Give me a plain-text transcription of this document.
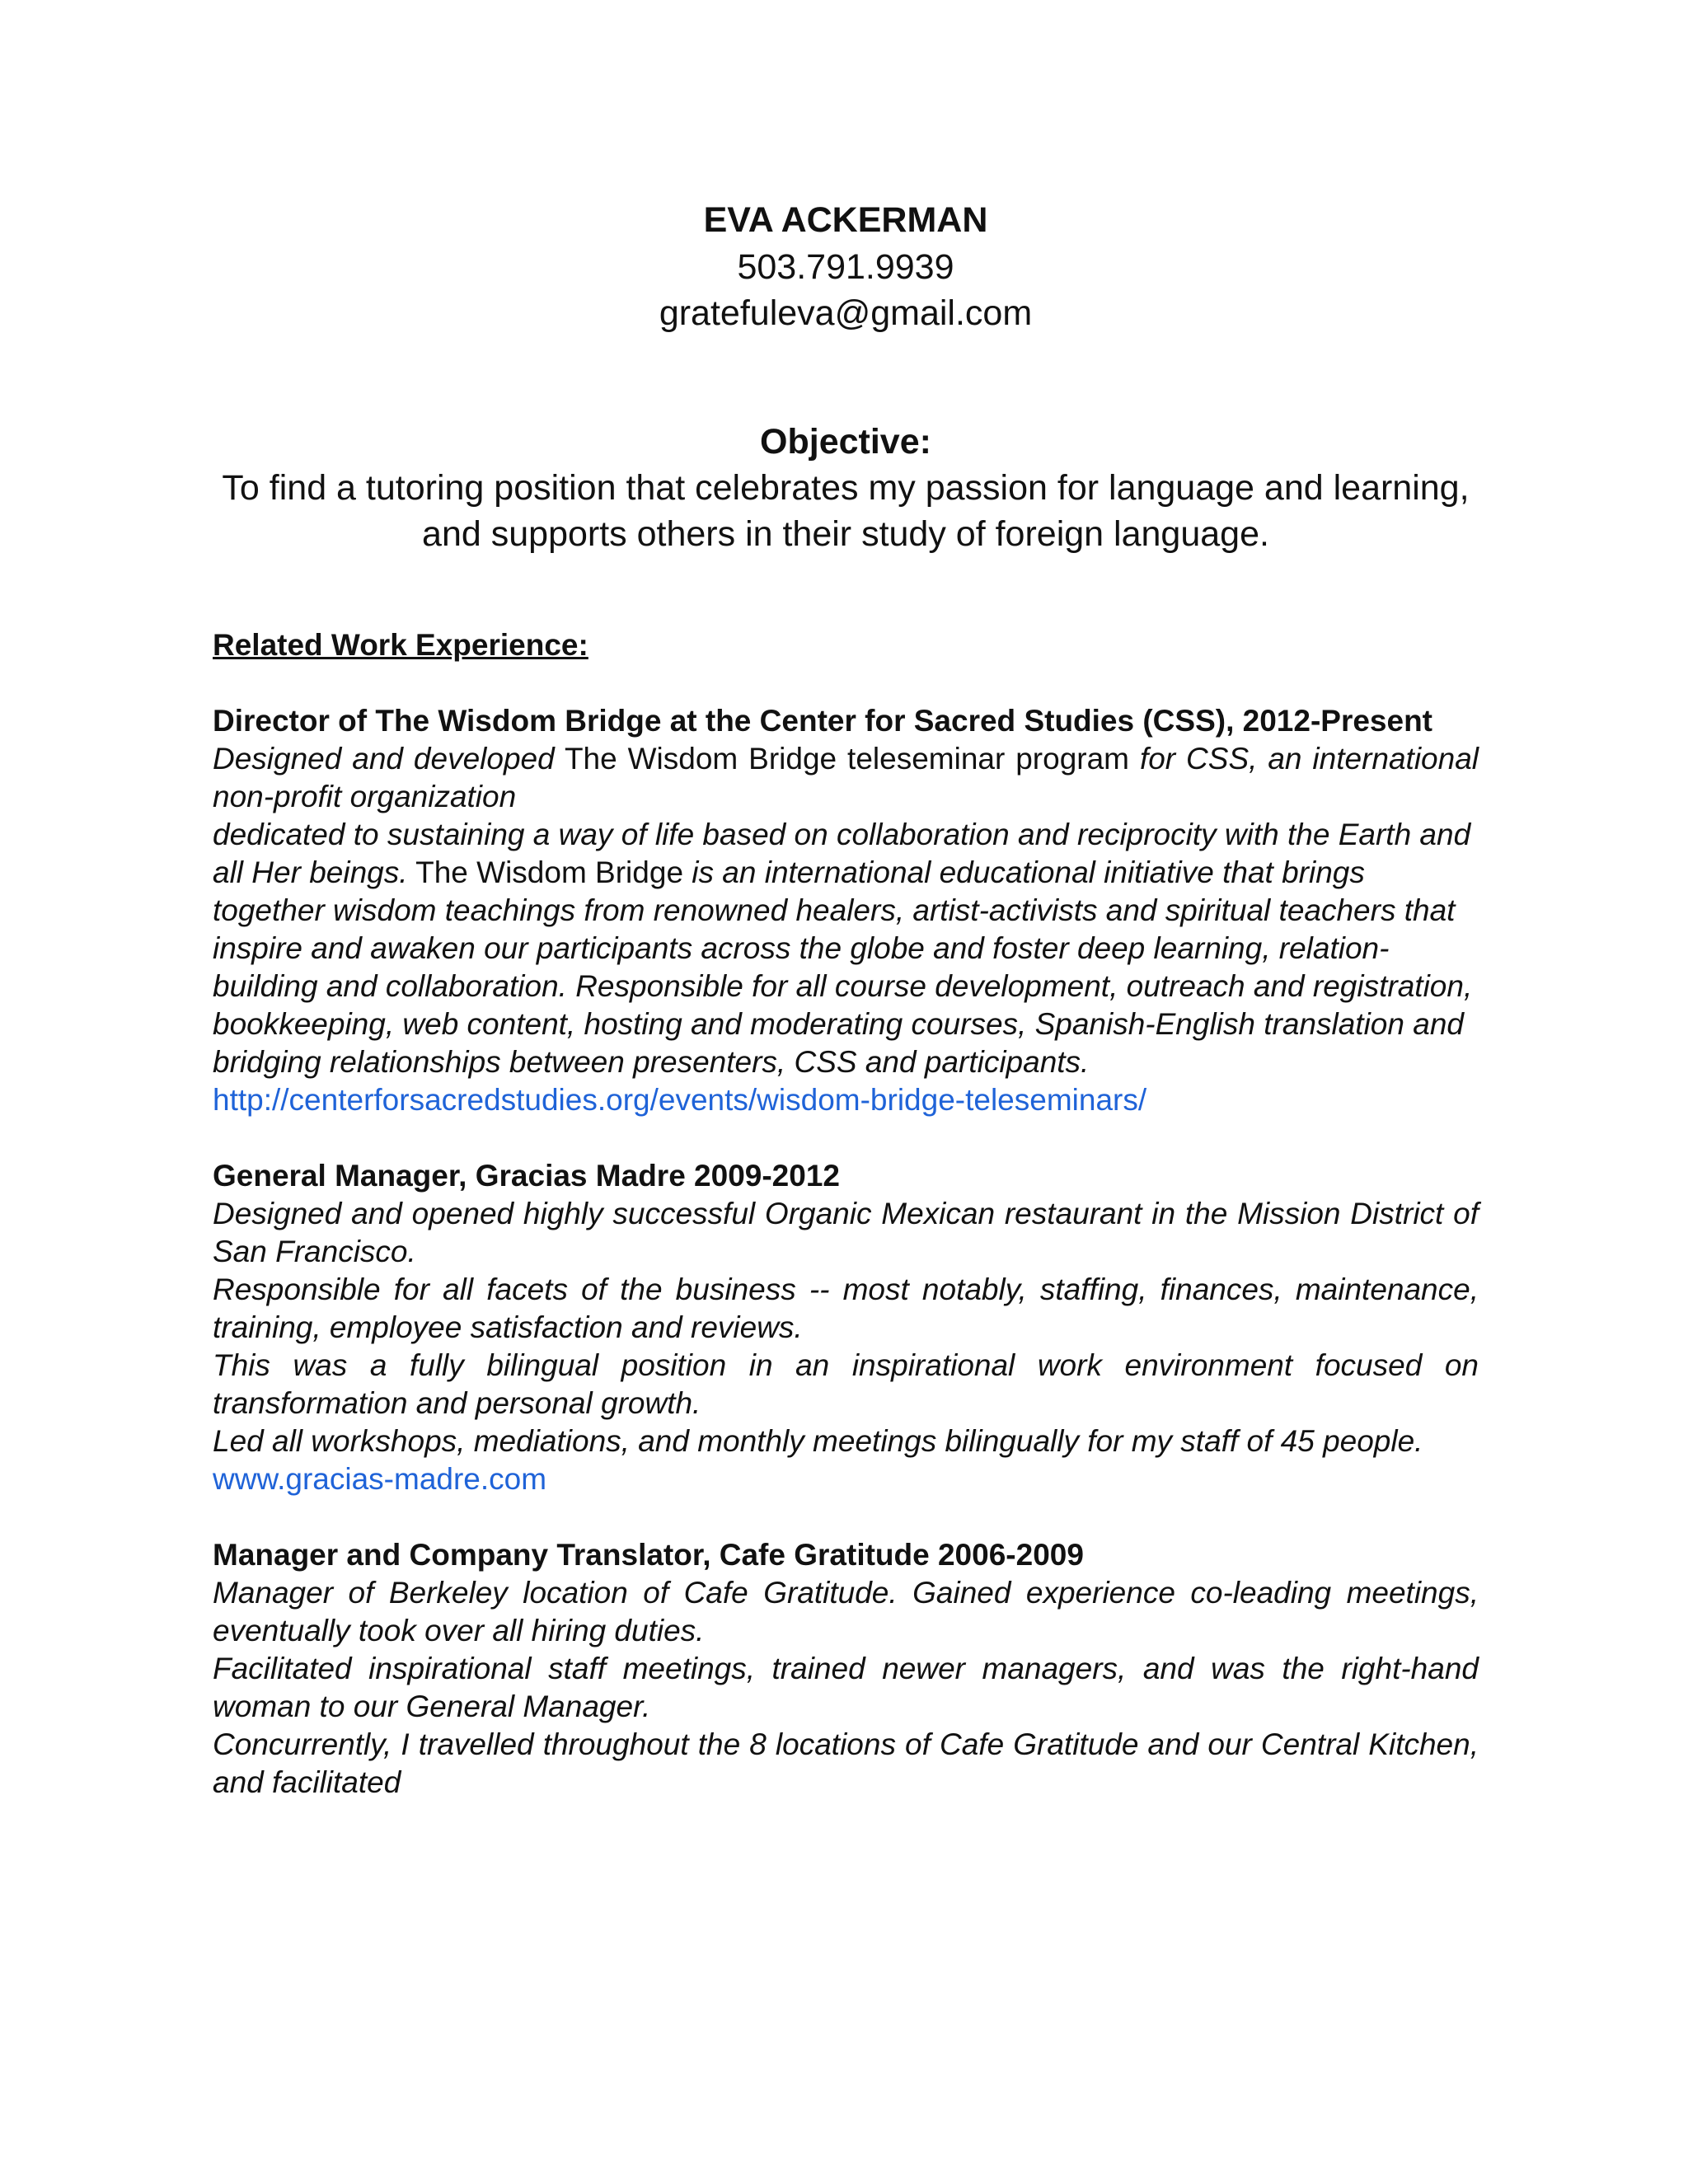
EVA ACKERMAN

503.791.9939

gratefuleva@gmail.com

Objective:

To find a tutoring position that celebrates my passion for language and learning,

and supports others in their study of foreign language.

Related Work Experience:

Director of The Wisdom Bridge at the Center for Sacred Studies (CSS), 2012-Present

Designed and developed The Wisdom Bridge teleseminar program for CSS, an international non-profit organization

dedicated to sustaining a way of life based on collaboration and reciprocity with the Earth and all Her beings. The Wisdom Bridge is an international educational initiative that brings together wisdom teachings from renowned healers, artist-activists and spiritual teachers that inspire and awaken our participants across the globe and foster deep learning, relation-building and collaboration. Responsible for all course development, outreach and registration, bookkeeping, web content, hosting and moderating courses, Spanish-English translation and bridging relationships between presenters, CSS and participants.

http://centerforsacredstudies.org/events/wisdom-bridge-teleseminars/

General Manager, Gracias Madre 2009-2012

Designed and opened highly successful Organic Mexican restaurant in the Mission District of San Francisco.

Responsible for all facets of the business -- most notably, staffing, finances, maintenance, training, employee satisfaction and reviews.

This was a fully bilingual position in an inspirational work environment focused on transformation and personal growth.

Led all workshops, mediations, and monthly meetings bilingually for my staff of 45 people.

www.gracias-madre.com

Manager and Company Translator, Cafe Gratitude 2006-2009

Manager of Berkeley location of Cafe Gratitude. Gained experience co-leading meetings, eventually took over all hiring duties.

Facilitated inspirational staff meetings, trained newer managers, and was the right-hand woman to our General Manager.

Concurrently, I travelled throughout the 8 locations of Cafe Gratitude and our Central Kitchen, and facilitated
